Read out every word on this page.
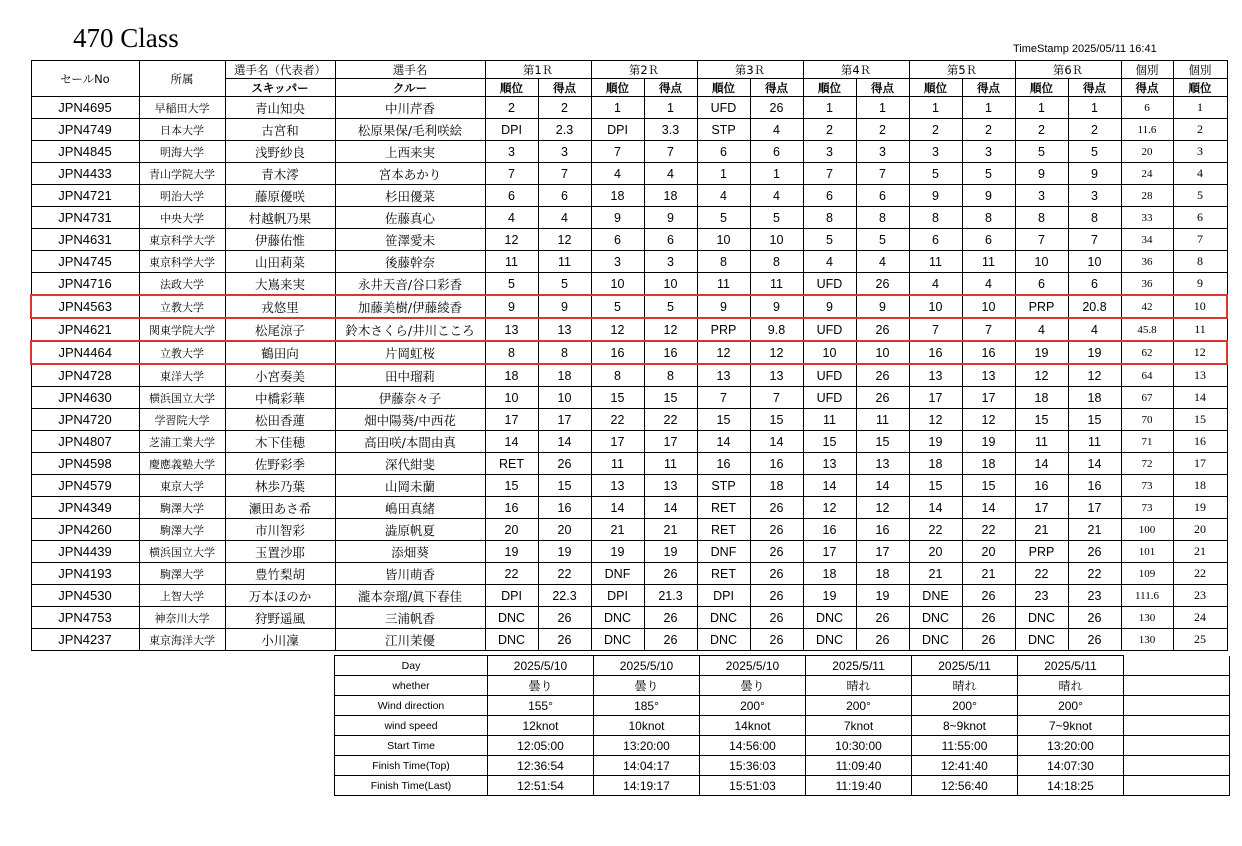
470 Class	TimeStamp 2025/05/11 16:41
セールNo	所属	選手名（代表者）	選手名	第1Ｒ		第2Ｒ		第3Ｒ		第4Ｒ		第5Ｒ		第6Ｒ		個別	個別
		スキッパー	クルー	順位	得点	順位	得点	順位	得点	順位	得点	順位	得点	順位	得点	得点	順位
JPN4695	早稲田大学	青山知央	中川芹香	2	2	1	1	UFD	26	1	1	1	1	1	1	6	1
JPN4749	日本大学	古宮和	松原果保/毛利咲絵	DPI	2.3	DPI	3.3	STP	4	2	2	2	2	2	2	11.6	2
JPN4845	明海大学	浅野紗良	上西来実	3	3	7	7	6	6	3	3	3	3	5	5	20	3
JPN4433	青山学院大学	青木澪	宮本あかり	7	7	4	4	1	1	7	7	5	5	9	9	24	4
JPN4721	明治大学	藤原優咲	杉田優菜	6	6	18	18	4	4	6	6	9	9	3	3	28	5
JPN4731	中央大学	村越帆乃果	佐藤真心	4	4	9	9	5	5	8	8	8	8	8	8	33	6
JPN4631	東京科学大学	伊藤佑惟	笹澤愛未	12	12	6	6	10	10	5	5	6	6	7	7	34	7
JPN4745	東京科学大学	山田莉菜	後藤幹奈	11	11	3	3	8	8	4	4	11	11	10	10	36	8
JPN4716	法政大学	大嶌来実	永井天音/谷口彩香	5	5	10	10	11	11	UFD	26	4	4	6	6	36	9
JPN4563	立教大学	戎悠里	加藤美樹/伊藤綾香	9	9	5	5	9	9	9	9	10	10	PRP	20.8	42	10
JPN4621	関東学院大学	松尾涼子	鈴木さくら/井川こころ	13	13	12	12	PRP	9.8	UFD	26	7	7	4	4	45.8	11
JPN4464	立教大学	鶴田向	片岡虹桜	8	8	16	16	12	12	10	10	16	16	19	19	62	12
JPN4728	東洋大学	小宮奏美	田中瑠莉	18	18	8	8	13	13	UFD	26	13	13	12	12	64	13
JPN4630	横浜国立大学	中橋彩華	伊藤奈々子	10	10	15	15	7	7	UFD	26	17	17	18	18	67	14
JPN4720	学習院大学	松田香蓮	畑中陽葵/中西花	17	17	22	22	15	15	11	11	12	12	15	15	70	15
JPN4807	芝浦工業大学	木下佳穂	高田咲/本間由真	14	14	17	17	14	14	15	15	19	19	11	11	71	16
JPN4598	慶應義塾大学	佐野彩季	深代紺斐	RET	26	11	11	16	16	13	13	18	18	14	14	72	17
JPN4579	東京大学	林歩乃葉	山岡未蘭	15	15	13	13	STP	18	14	14	15	15	16	16	73	18
JPN4349	駒澤大学	瀬田あさ希	嶋田真緒	16	16	14	14	RET	26	12	12	14	14	17	17	73	19
JPN4260	駒澤大学	市川智彩	澁原帆夏	20	20	21	21	RET	26	16	16	22	22	21	21	100	20
JPN4439	横浜国立大学	玉置沙耶	添畑葵	19	19	19	19	DNF	26	17	17	20	20	PRP	26	101	21
JPN4193	駒澤大学	豊竹梨胡	皆川萌香	22	22	DNF	26	RET	26	18	18	21	21	22	22	109	22
JPN4530	上智大学	万本ほのか	瀧本奈瑠/眞下春佳	DPI	22.3	DPI	21.3	DPI	26	19	19	DNE	26	23	23	111.6	23
JPN4753	神奈川大学	狩野遥風	三浦帆香	DNC	26	DNC	26	DNC	26	DNC	26	DNC	26	DNC	26	130	24
JPN4237	東京海洋大学	小川凜	江川茉優	DNC	26	DNC	26	DNC	26	DNC	26	DNC	26	DNC	26	130	25
Day	2025/5/10	2025/5/10	2025/5/10	2025/5/11	2025/5/11	2025/5/11	
whether	曇り	曇り	曇り	晴れ	晴れ	晴れ	
Wind direction	155°	185°	200°	200°	200°	200°	
wind speed	12knot	10knot	14knot	7knot	8~9knot	7~9knot	
Start Time	12:05:00	13:20:00	14:56:00	10:30:00	11:55:00	13:20:00	
Finish Time(Top)	12:36:54	14:04:17	15:36:03	11:09:40	12:41:40	14:07:30	
Finish Time(Last)	12:51:54	14:19:17	15:51:03	11:19:40	12:56:40	14:18:25	
